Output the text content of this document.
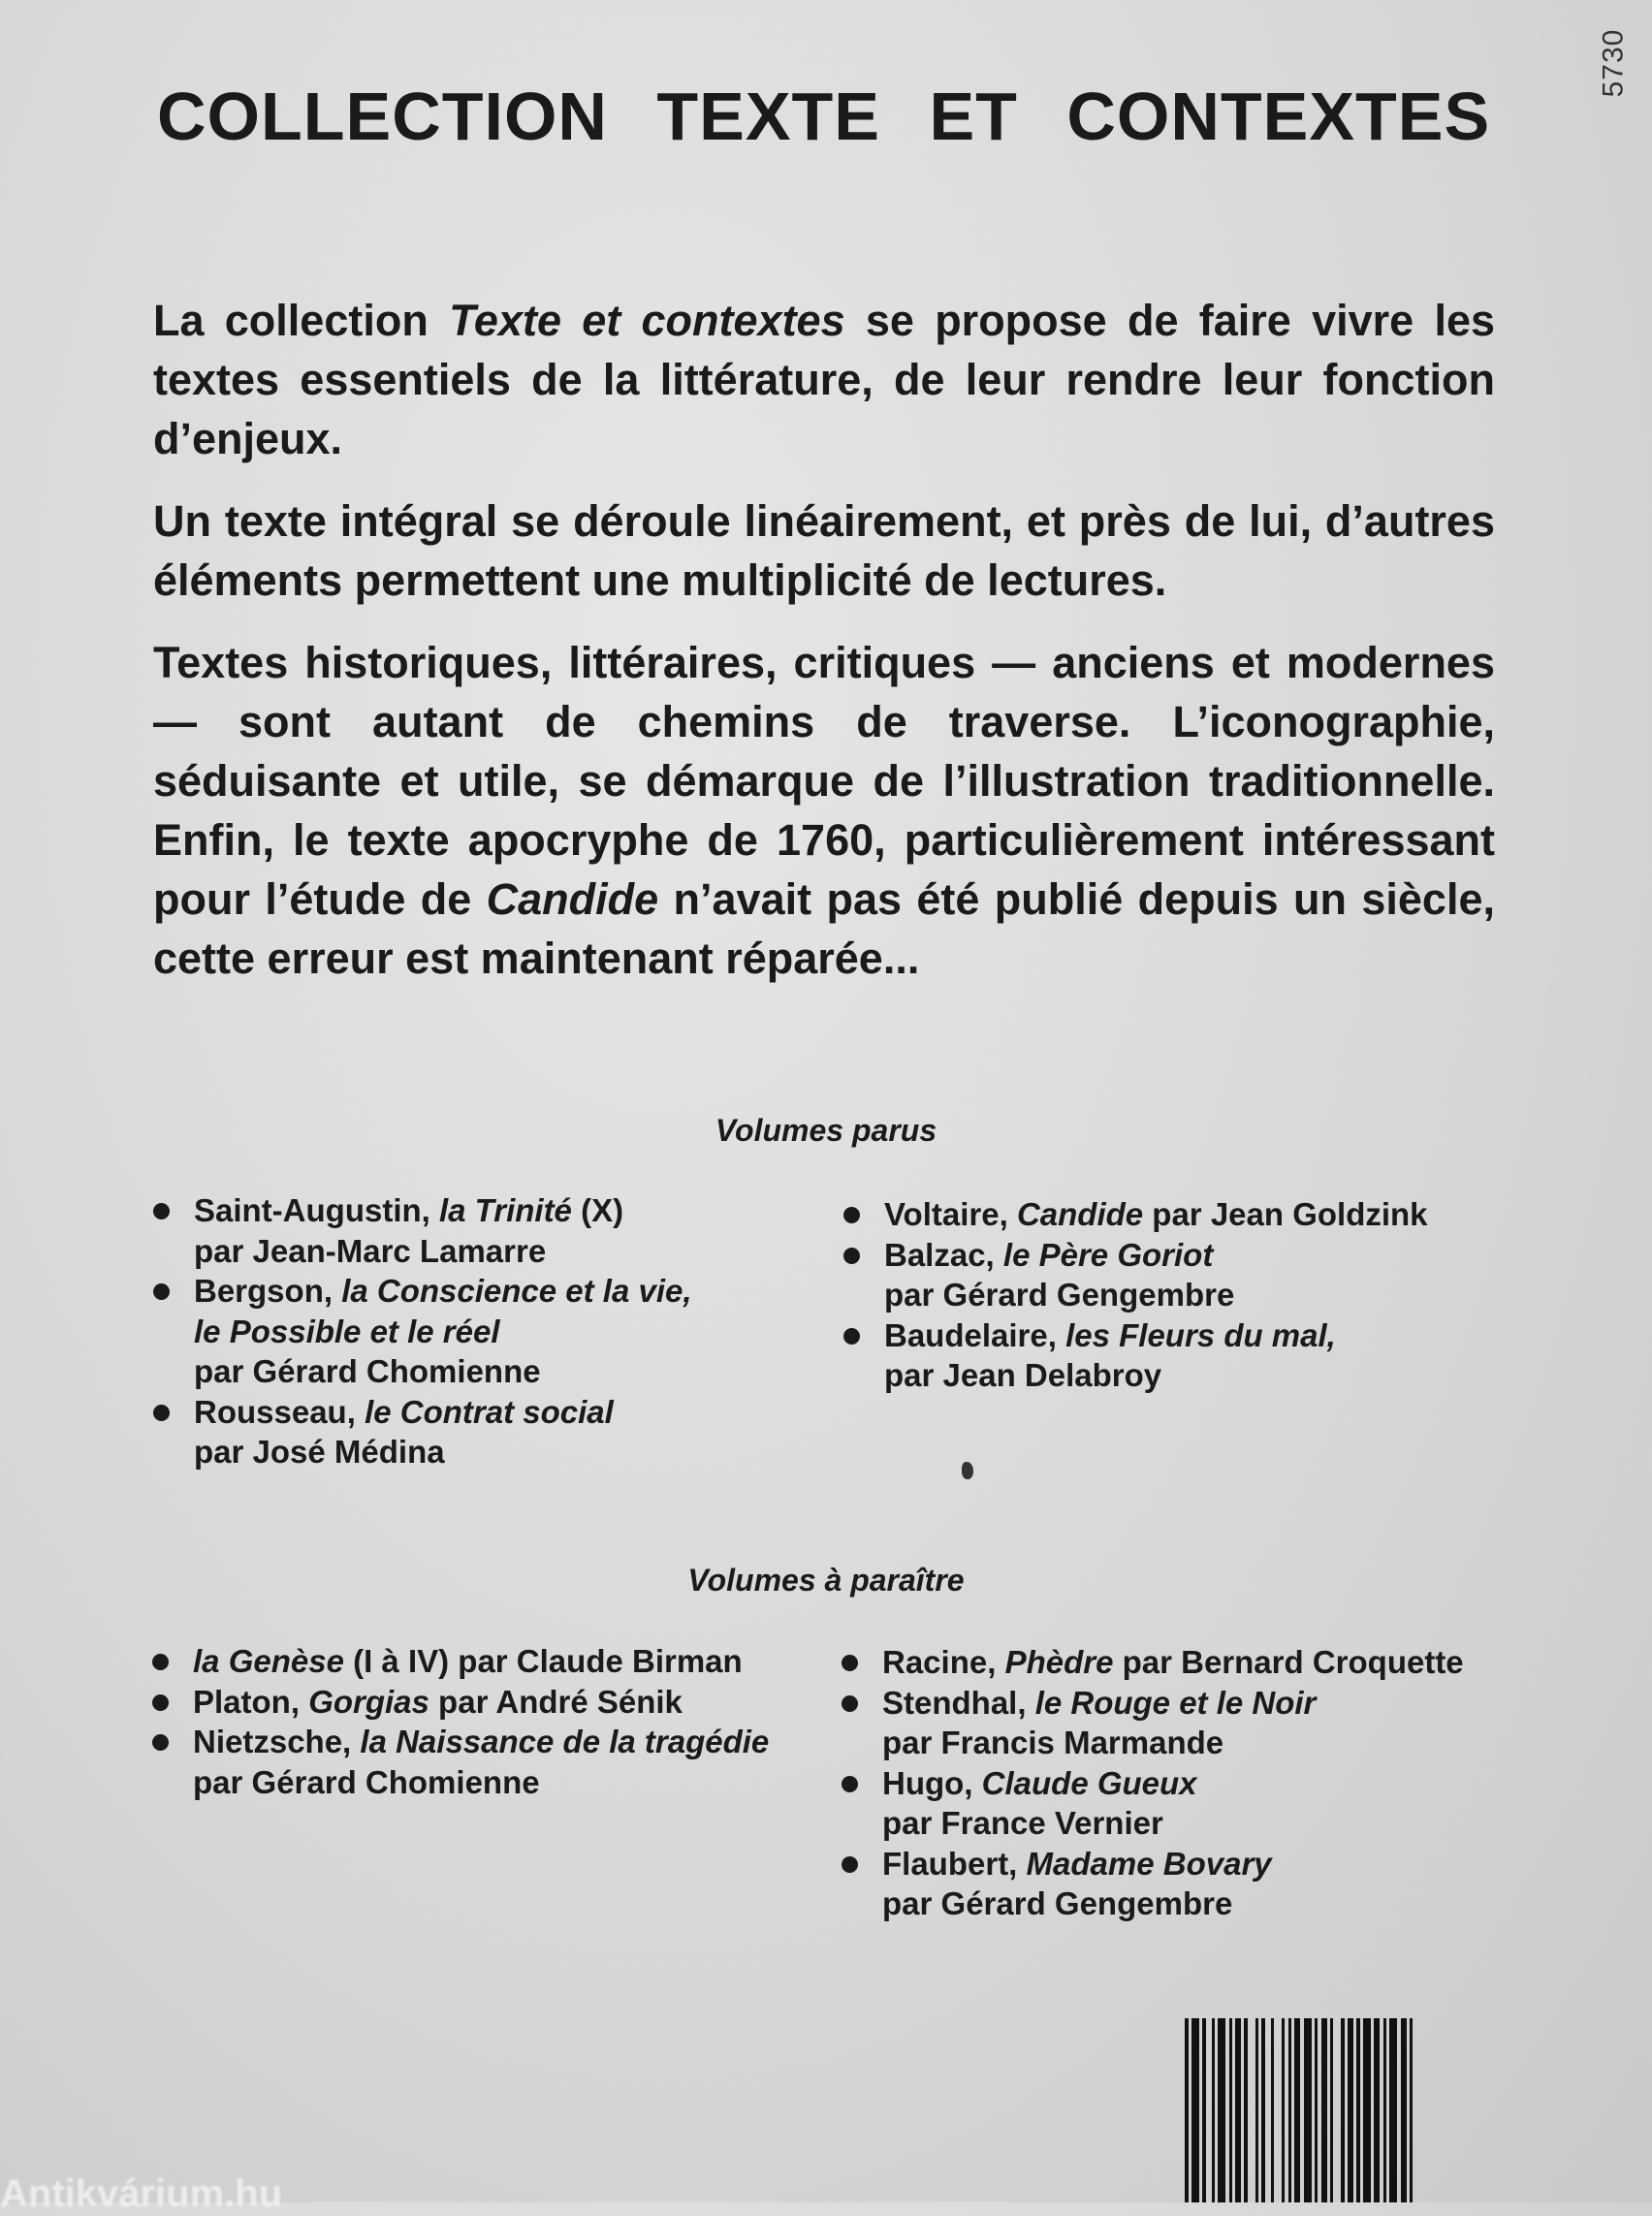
5730
COLLECTION TEXTE ET CONTEXTES

La collection Texte et contextes se propose de faire vivre les textes essentiels de la littérature, de leur rendre leur fonction d’enjeux.

Un texte intégral se déroule linéairement, et près de lui, d’autres éléments permettent une multiplicité de lectures.

Textes historiques, littéraires, critiques — anciens et modernes — sont autant de chemins de traverse. L’iconographie, séduisante et utile, se démarque de l’illustration traditionnelle. Enfin, le texte apocryphe de 1760, particulièrement intéressant pour l’étude de Candide n’avait pas été publié depuis un siècle, cette erreur est maintenant réparée...

Volumes parus
Saint-Augustin, la Trinité (X)
par Jean-Marc Lamarre
Bergson, la Conscience et la vie,
le Possible et le réel
par Gérard Chomienne
Rousseau, le Contrat social
par José Médina
Voltaire, Candide par Jean Goldzink
Balzac, le Père Goriot
par Gérard Gengembre
Baudelaire, les Fleurs du mal,
par Jean Delabroy
Volumes à paraître
la Genèse (I à IV) par Claude Birman
Platon, Gorgias par André Sénik
Nietzsche, la Naissance de la tragédie
par Gérard Chomienne
Racine, Phèdre par Bernard Croquette
Stendhal, le Rouge et le Noir
par Francis Marmande
Hugo, Claude Gueux
par France Vernier
Flaubert, Madame Bovary
par Gérard Gengembre
Antikvárium.hu
